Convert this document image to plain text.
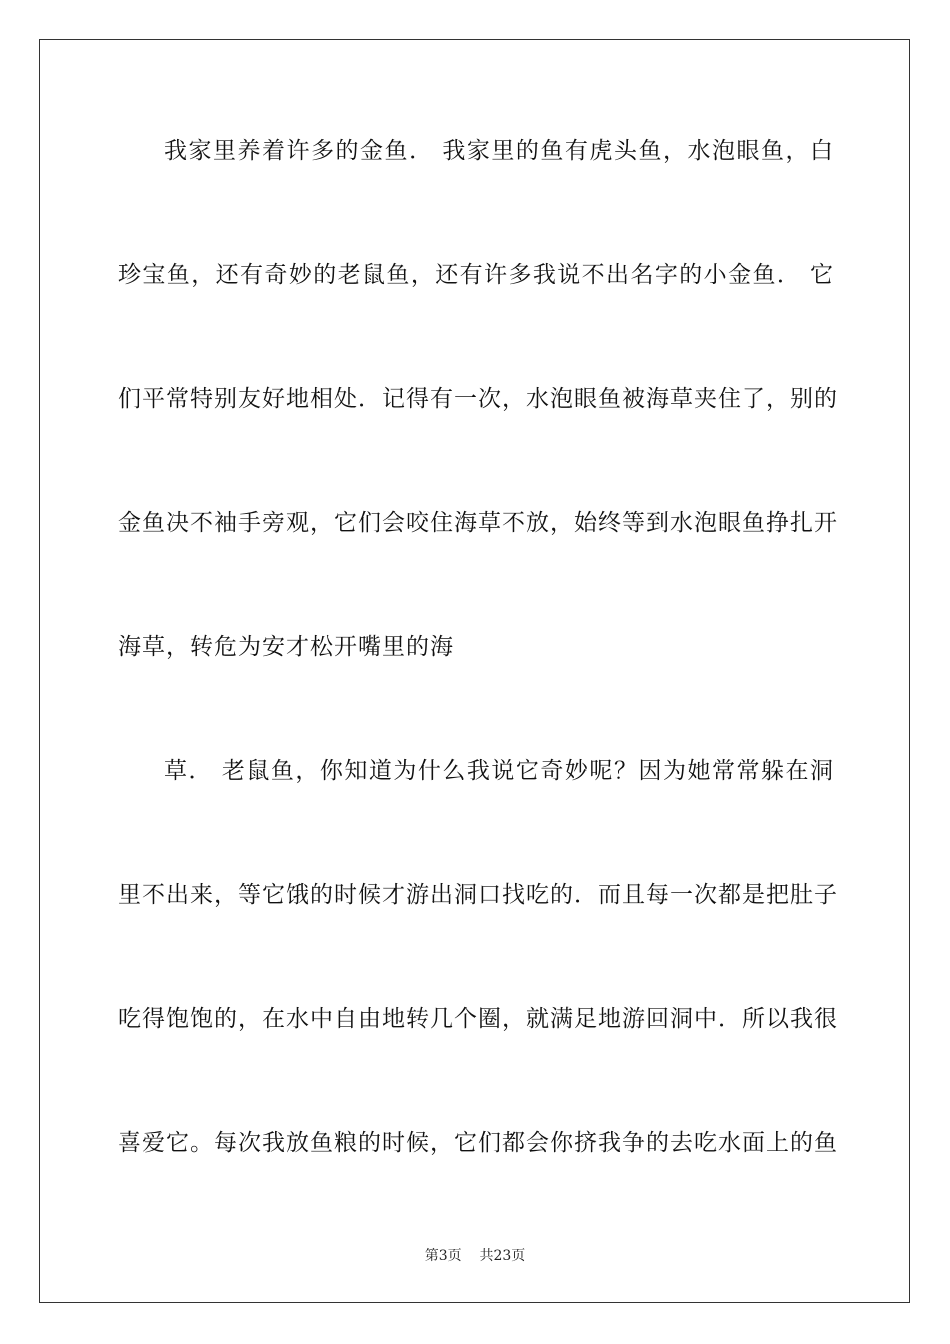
我家里养着许多的金鱼． 我家里的鱼有虎头鱼，水泡眼鱼，白
珍宝鱼，还有奇妙的老鼠鱼，还有许多我说不出名字的小金鱼． 它
们平常特别友好地相处．记得有一次，水泡眼鱼被海草夹住了，别的
金鱼决不袖手旁观，它们会咬住海草不放，始终等到水泡眼鱼挣扎开
海草，转危为安才松开嘴里的海
草． 老鼠鱼，你知道为什么我说它奇妙呢？因为她常常躲在洞
里不出来，等它饿的时候才游出洞口找吃的．而且每一次都是把肚子
吃得饱饱的，在水中自由地转几个圈，就满足地游回洞中．所以我很
喜爱它。每次我放鱼粮的时候，它们都会你挤我争的去吃水面上的鱼
第3页 共23页
